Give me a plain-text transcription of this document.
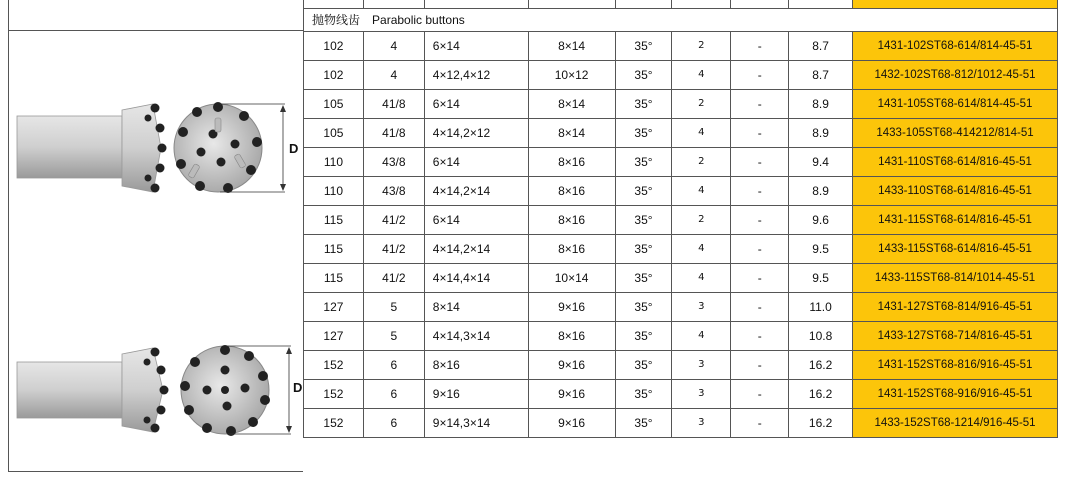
D
D

抛物线齿 Parabolic buttons								
102	4	6×14	8×14	35°	2	-	8.7	1431-102ST68-614/814-45-51
102	4	4×12,4×12	10×12	35°	4	-	8.7	1432-102ST68-812/1012-45-51
105	41/8	6×14	8×14	35°	2	-	8.9	1431-105ST68-614/814-45-51
105	41/8	4×14,2×12	8×14	35°	4	-	8.9	1433-105ST68-414212/814-51
110	43/8	6×14	8×16	35°	2	-	9.4	1431-110ST68-614/816-45-51
110	43/8	4×14,2×14	8×16	35°	4	-	8.9	1433-110ST68-614/816-45-51
115	41/2	6×14	8×16	35°	2	-	9.6	1431-115ST68-614/816-45-51
115	41/2	4×14,2×14	8×16	35°	4	-	9.5	1433-115ST68-614/816-45-51
115	41/2	4×14,4×14	10×14	35°	4	-	9.5	1433-115ST68-814/1014-45-51
127	5	8×14	9×16	35°	3	-	11.0	1431-127ST68-814/916-45-51
127	5	4×14,3×14	8×16	35°	4	-	10.8	1433-127ST68-714/816-45-51
152	6	8×16	9×16	35°	3	-	16.2	1431-152ST68-816/916-45-51
152	6	9×16	9×16	35°	3	-	16.2	1431-152ST68-916/916-45-51
152	6	9×14,3×14	9×16	35°	3	-	16.2	1433-152ST68-1214/916-45-51
